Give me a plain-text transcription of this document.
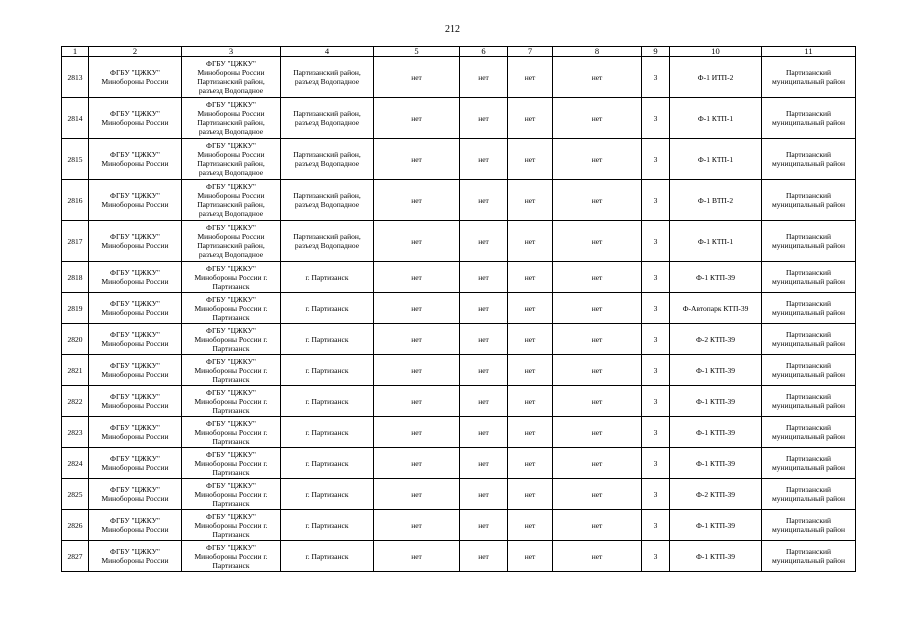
212
1	2	3	4	5	6	7	8	9	10	11
2813	ФГБУ "ЦЖКУ" Минобороны России	ФГБУ "ЦЖКУ"
Минобороны России
Партизанский район,
разъезд Водопадное	Партизанский район, разъезд Водопадное	нет	нет	нет	нет	3	Ф-1 ИТП-2	Партизанский муниципальный район
2814	ФГБУ "ЦЖКУ" Минобороны России	ФГБУ "ЦЖКУ"
Минобороны России
Партизанский район,
разъезд Водопадное	Партизанский район, разъезд Водопадное	нет	нет	нет	нет	3	Ф-1 КТП-1	Партизанский муниципальный район
2815	ФГБУ "ЦЖКУ" Минобороны России	ФГБУ "ЦЖКУ"
Минобороны России
Партизанский район,
разъезд Водопадное	Партизанский район, разъезд Водопадное	нет	нет	нет	нет	3	Ф-1 КТП-1	Партизанский муниципальный район
2816	ФГБУ "ЦЖКУ" Минобороны России	ФГБУ "ЦЖКУ"
Минобороны России
Партизанский район,
разъезд Водопадное	Партизанский район, разъезд Водопадное	нет	нет	нет	нет	3	Ф-1 ВТП-2	Партизанский муниципальный район
2817	ФГБУ "ЦЖКУ" Минобороны России	ФГБУ "ЦЖКУ"
Минобороны России
Партизанский район,
разъезд Водопадное	Партизанский район, разъезд Водопадное	нет	нет	нет	нет	3	Ф-1 КТП-1	Партизанский муниципальный район
2818	ФГБУ "ЦЖКУ" Минобороны России	ФГБУ "ЦЖКУ"
Минобороны России г.
Партизанск	г. Партизанск	нет	нет	нет	нет	3	Ф-1 КТП-39	Партизанский муниципальный район
2819	ФГБУ "ЦЖКУ" Минобороны России	ФГБУ "ЦЖКУ"
Минобороны России г.
Партизанск	г. Партизанск	нет	нет	нет	нет	3	Ф-Автопарк КТП-39	Партизанский муниципальный район
2820	ФГБУ "ЦЖКУ" Минобороны России	ФГБУ "ЦЖКУ"
Минобороны России г.
Партизанск	г. Партизанск	нет	нет	нет	нет	3	Ф-2 КТП-39	Партизанский муниципальный район
2821	ФГБУ "ЦЖКУ" Минобороны России	ФГБУ "ЦЖКУ"
Минобороны России г.
Партизанск	г. Партизанск	нет	нет	нет	нет	3	Ф-1 КТП-39	Партизанский муниципальный район
2822	ФГБУ "ЦЖКУ" Минобороны России	ФГБУ "ЦЖКУ"
Минобороны России г.
Партизанск	г. Партизанск	нет	нет	нет	нет	3	Ф-1 КТП-39	Партизанский муниципальный район
2823	ФГБУ "ЦЖКУ" Минобороны России	ФГБУ "ЦЖКУ"
Минобороны России г.
Партизанск	г. Партизанск	нет	нет	нет	нет	3	Ф-1 КТП-39	Партизанский муниципальный район
2824	ФГБУ "ЦЖКУ" Минобороны России	ФГБУ "ЦЖКУ"
Минобороны России г.
Партизанск	г. Партизанск	нет	нет	нет	нет	3	Ф-1 КТП-39	Партизанский муниципальный район
2825	ФГБУ "ЦЖКУ" Минобороны России	ФГБУ "ЦЖКУ"
Минобороны России г.
Партизанск	г. Партизанск	нет	нет	нет	нет	3	Ф-2 КТП-39	Партизанский муниципальный район
2826	ФГБУ "ЦЖКУ" Минобороны России	ФГБУ "ЦЖКУ"
Минобороны России г.
Партизанск	г. Партизанск	нет	нет	нет	нет	3	Ф-1 КТП-39	Партизанский муниципальный район
2827	ФГБУ "ЦЖКУ" Минобороны России	ФГБУ "ЦЖКУ"
Минобороны России г.
Партизанск	г. Партизанск	нет	нет	нет	нет	3	Ф-1 КТП-39	Партизанский муниципальный район
